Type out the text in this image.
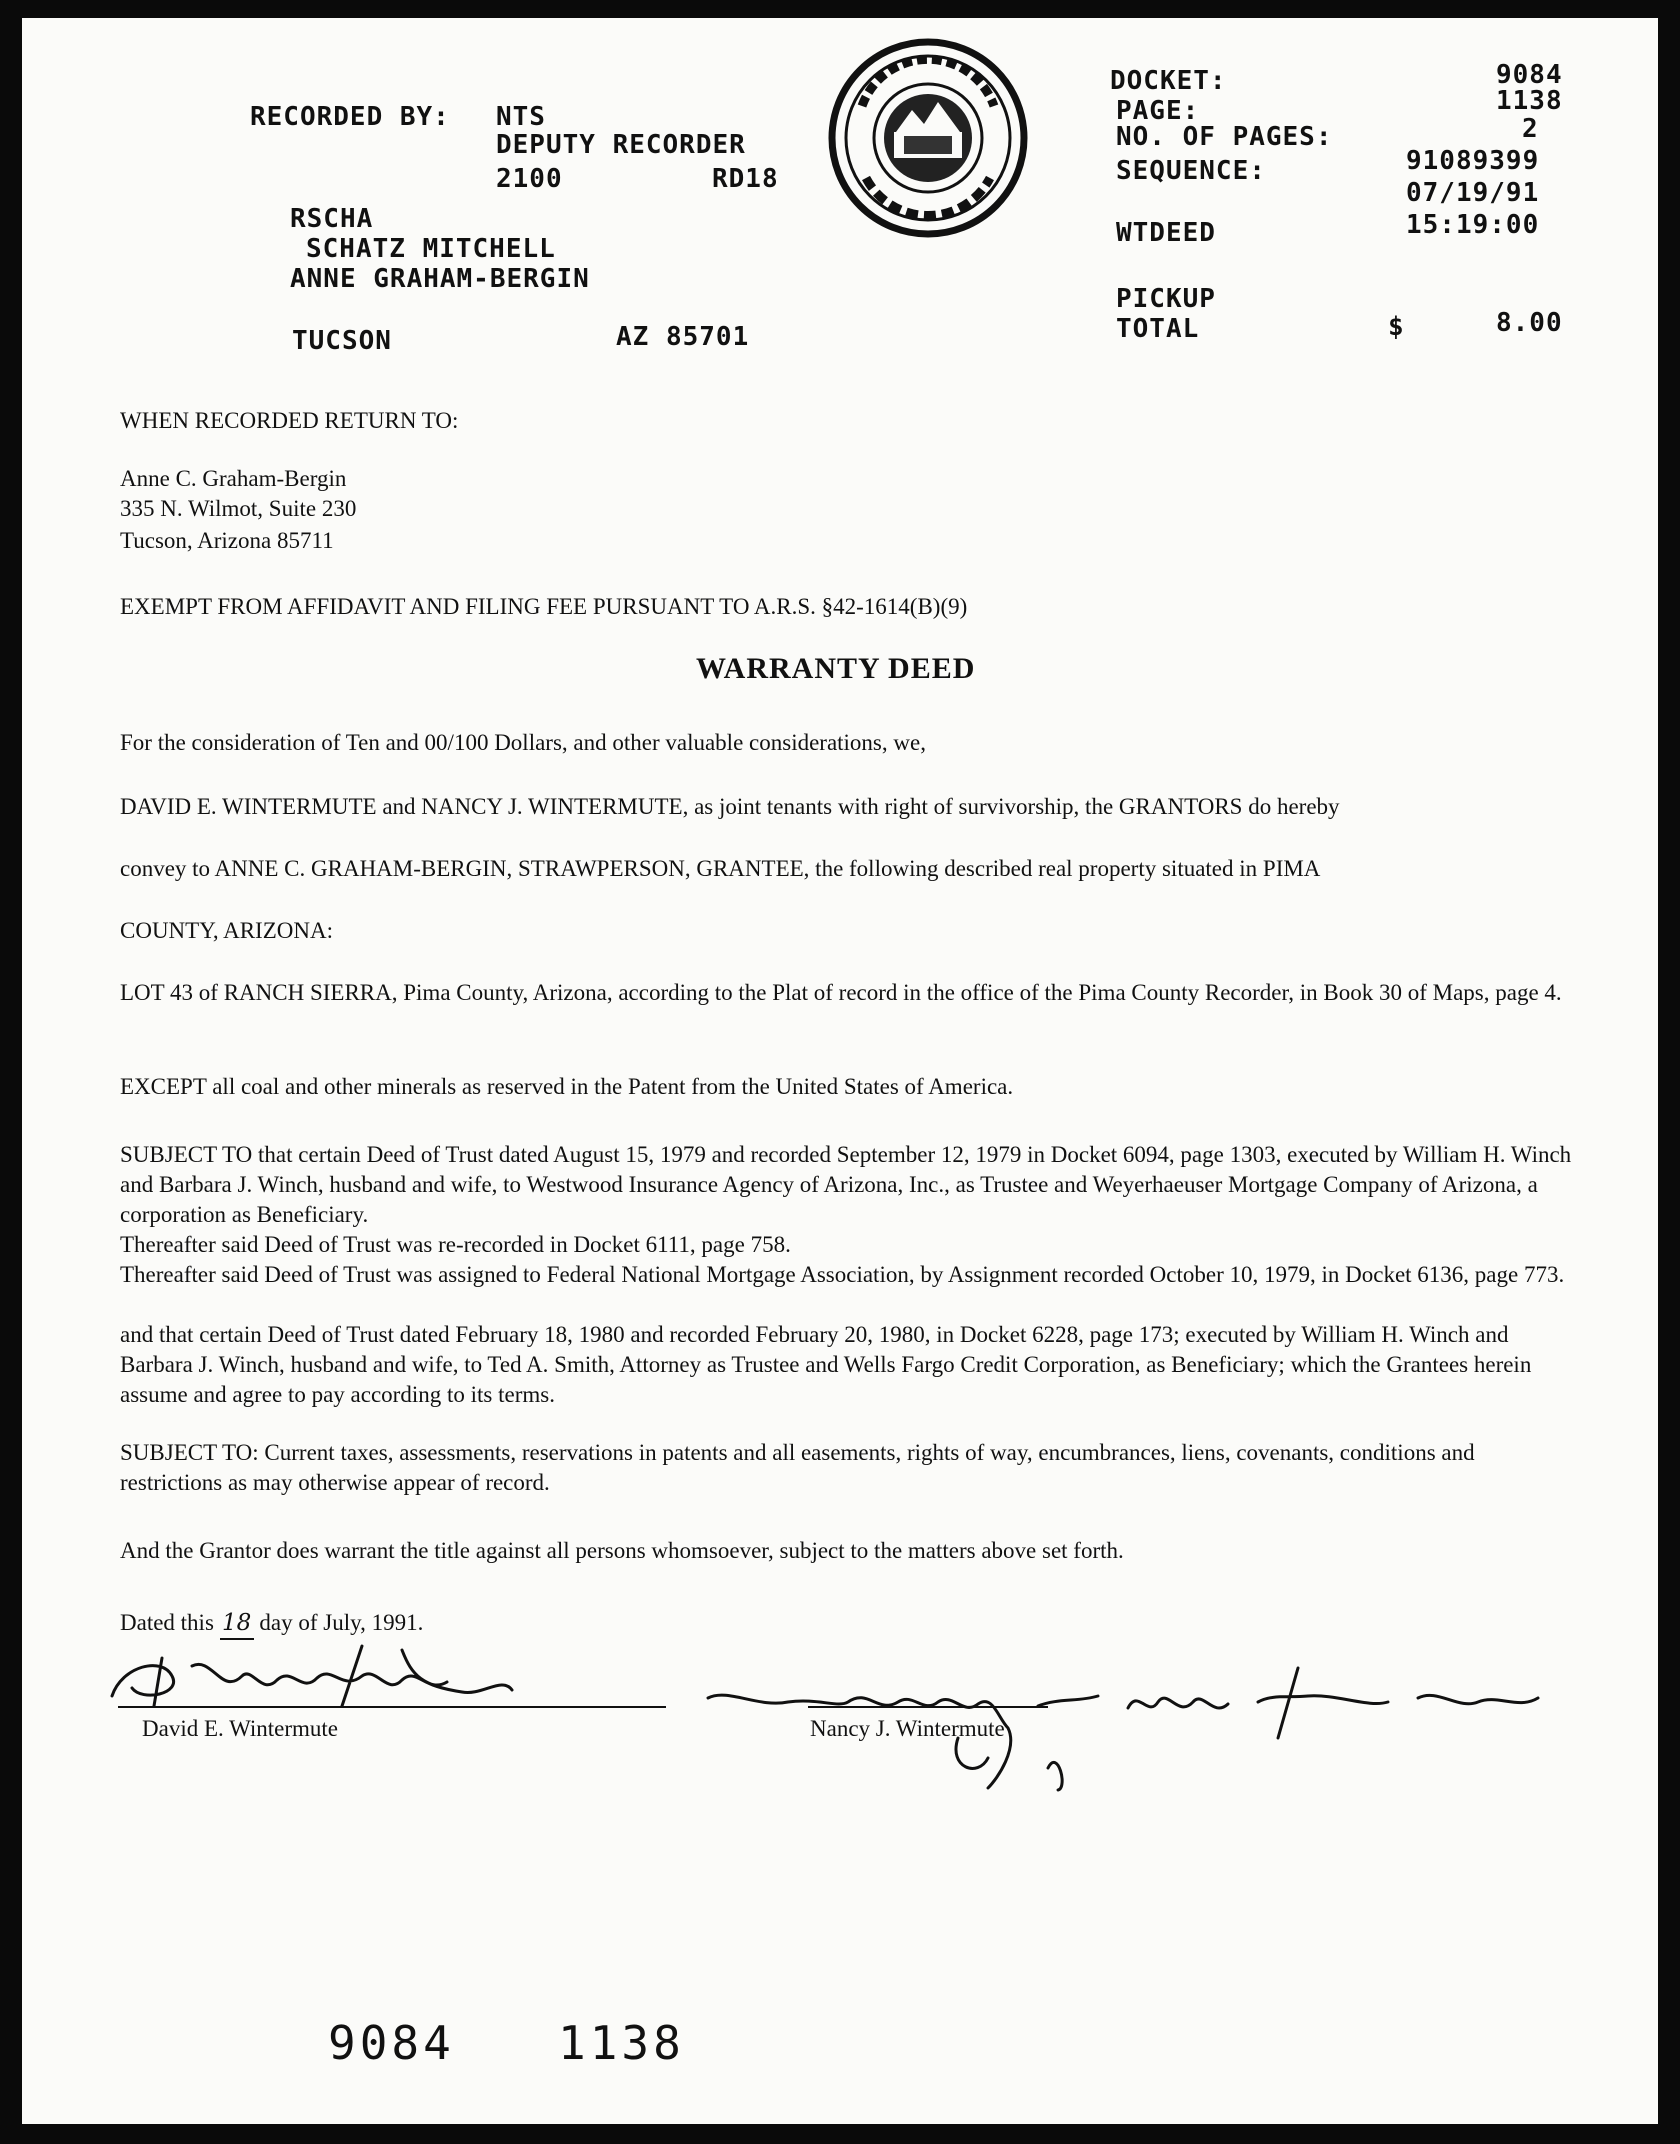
RECORDED BY: NTS
DEPUTY RECORDER
2100	RD18
RSCHA
SCHATZ MITCHELL
ANNE GRAHAM-BERGIN
TUCSON	AZ 85701
DOCKET:	9084
PAGE:	1138
NO. OF PAGES:	2
SEQUENCE:	91089399
07/19/91
WTDEED	15:19:00
PICKUP
TOTAL	$	8.00
WHEN RECORDED RETURN TO:
Anne C. Graham-Bergin
335 N. Wilmot, Suite 230
Tucson, Arizona 85711
EXEMPT FROM AFFIDAVIT AND FILING FEE PURSUANT TO A.R.S. §42-1614(B)(9)
WARRANTY DEED
For the consideration of Ten and 00/100 Dollars, and other valuable considerations, we,
DAVID E. WINTERMUTE and NANCY J. WINTERMUTE, as joint tenants with right of survivorship, the GRANTORS do hereby
convey to ANNE C. GRAHAM-BERGIN, STRAWPERSON, GRANTEE, the following described real property situated in PIMA
COUNTY, ARIZONA:
LOT 43 of RANCH SIERRA, Pima County, Arizona, according to the Plat of record in the office of the Pima County Recorder, in Book 30 of Maps, page 4.
EXCEPT all coal and other minerals as reserved in the Patent from the United States of America.
SUBJECT TO that certain Deed of Trust dated August 15, 1979 and recorded September 12, 1979 in Docket 6094, page 1303, executed by William H. Winch and Barbara J. Winch, husband and wife, to Westwood Insurance Agency of Arizona, Inc., as Trustee and Weyerhaeuser Mortgage Company of Arizona, a corporation as Beneficiary.
Thereafter said Deed of Trust was re-recorded in Docket 6111, page 758.
Thereafter said Deed of Trust was assigned to Federal National Mortgage Association, by Assignment recorded October 10, 1979, in Docket 6136, page 773.
and that certain Deed of Trust dated February 18, 1980 and recorded February 20, 1980, in Docket 6228, page 173; executed by William H. Winch and Barbara J. Winch, husband and wife, to Ted A. Smith, Attorney as Trustee and Wells Fargo Credit Corporation, as Beneficiary; which the Grantees herein assume and agree to pay according to its terms.
SUBJECT TO: Current taxes, assessments, reservations in patents and all easements, rights of way, encumbrances, liens, covenants, conditions and restrictions as may otherwise appear of record.
And the Grantor does warrant the title against all persons whomsoever, subject to the matters above set forth.
Dated this 18 day of July, 1991.
David E. Wintermute	Nancy J. Wintermute
9084 1138
